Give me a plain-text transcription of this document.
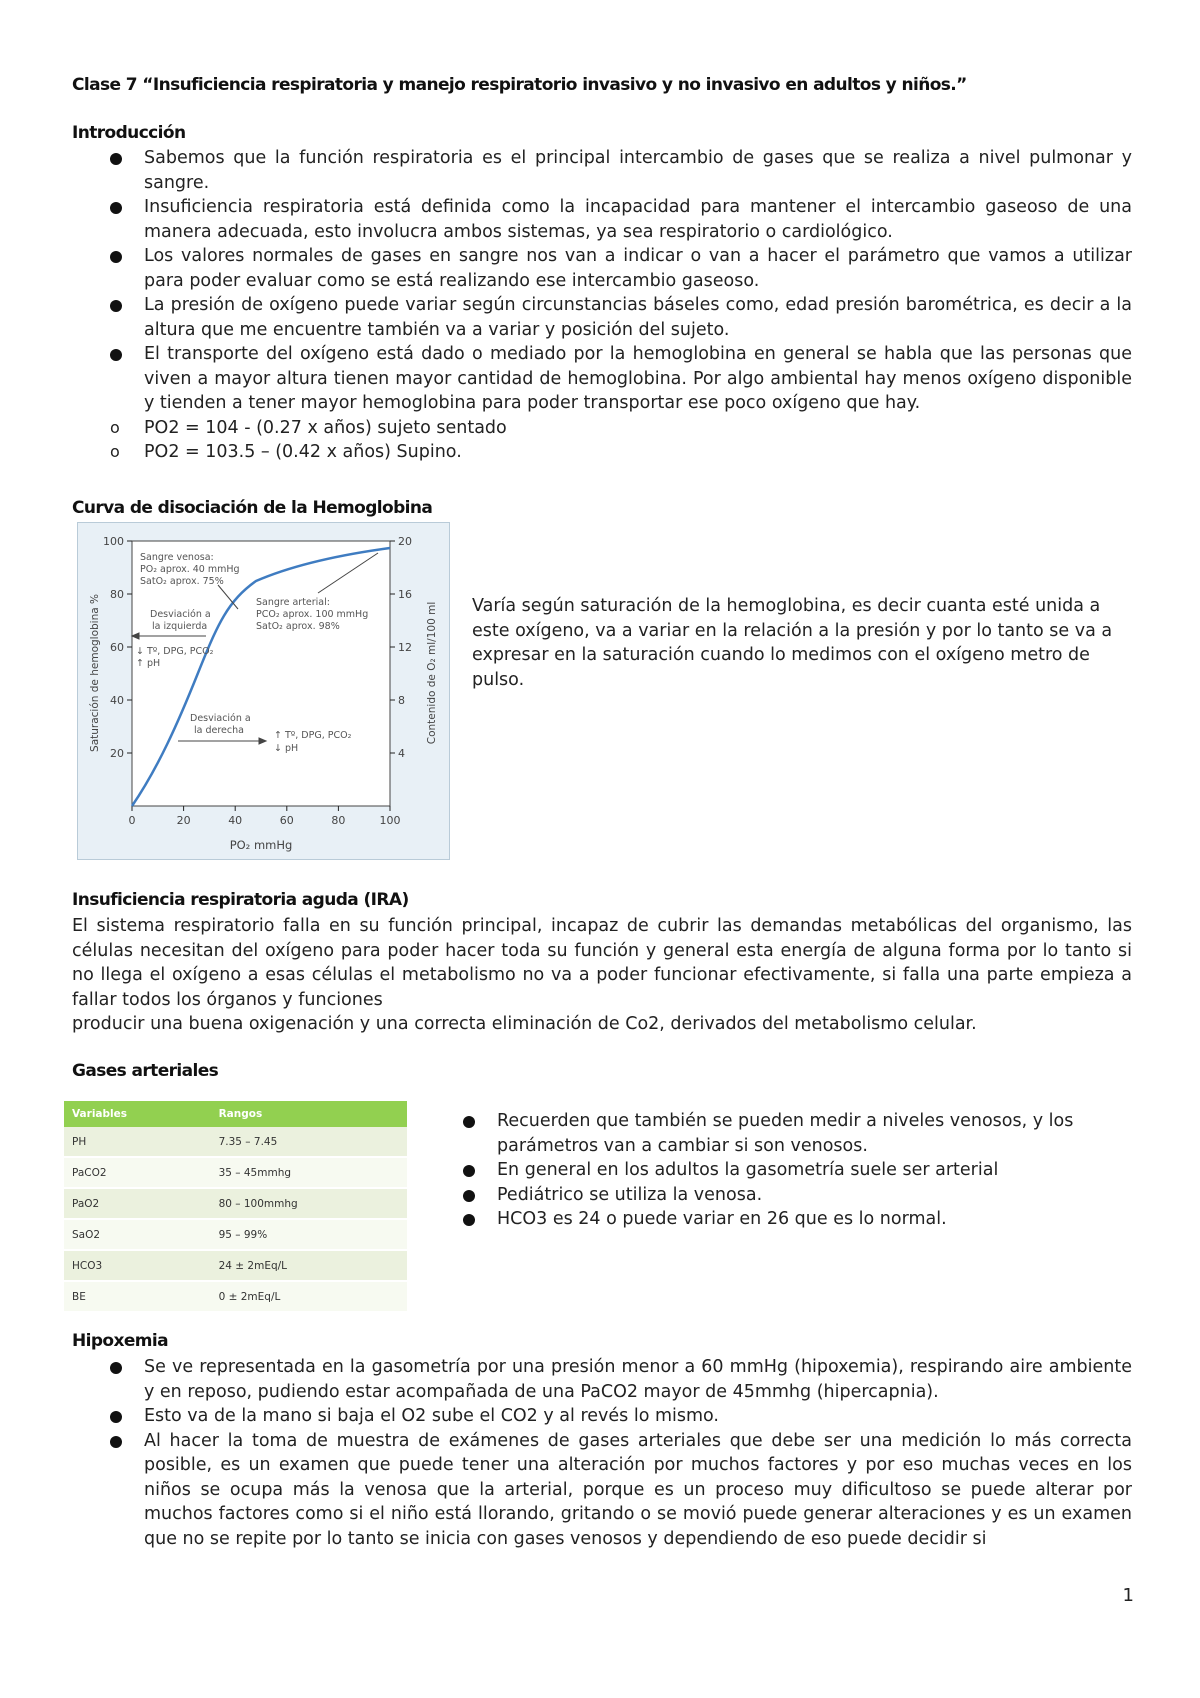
Clase 7 “Insuficiencia respiratoria y manejo respiratorio invasivo y no invasivo en adultos y niños.”
Introducción
Sabemos que la función respiratoria es el principal intercambio de gases que se realiza a nivel pulmonar y sangre.
Insuficiencia respiratoria está definida como la incapacidad para mantener el intercambio gaseoso de una manera adecuada, esto involucra ambos sistemas, ya sea respiratorio o cardiológico.
Los valores normales de gases en sangre nos van a indicar o van a hacer el parámetro que vamos a utilizar para poder evaluar como se está realizando ese intercambio gaseoso.
La presión de oxígeno puede variar según circunstancias báseles como, edad presión barométrica, es decir a la altura que me encuentre también va a variar y posición del sujeto.
El transporte del oxígeno está dado o mediado por la hemoglobina en general se habla que las personas que viven a mayor altura tienen mayor cantidad de hemoglobina. Por algo ambiental hay menos oxígeno disponible y tienden a tener mayor hemoglobina para poder transportar ese poco oxígeno que hay.
o PO2 = 104 - (0.27 x años) sujeto sentado
o PO2 = 103.5 – (0.42 x años) Supino.
Curva de disociación de la Hemoglobina
0	20	40	60	80	100
20
40
60
80
100
4
8
12
16
20
PO₂ mmHg
Saturación de hemoglobina %	Contenido de O₂ ml/100 ml
Sangre venosa:
PO₂ aprox. 40 mmHg
SatO₂ aprox. 75%
Sangre arterial:
PCO₂ aprox. 100 mmHg
SatO₂ aprox. 98%
Desviación a
la izquierda
↓ Tº, DPG, PCO₂
↑ pH
Desviación a
la derecha	↑ Tº, DPG, PCO₂
↓ pH
Varía según saturación de la hemoglobina, es decir cuanta esté unida a este oxígeno, va a variar en la relación a la presión y por lo tanto se va a expresar en la saturación cuando lo medimos con el oxígeno metro de pulso.
Insuficiencia respiratoria aguda (IRA)

El sistema respiratorio falla en su función principal, incapaz de cubrir las demandas metabólicas del organismo, las células necesitan del oxígeno para poder hacer toda su función y general esta energía de alguna forma por lo tanto si no llega el oxígeno a esas células el metabolismo no va a poder funcionar efectivamente, si falla una parte empieza a fallar todos los órganos y funciones

producir una buena oxigenación y una correcta eliminación de Co2, derivados del metabolismo celular.

Gases arteriales
Variables	Rangos
PH	7.35 – 7.45
PaCO2	35 – 45mmhg
PaO2	80 – 100mmhg
SaO2	95 – 99%
HCO3	24 ± 2mEq/L
BE	0 ± 2mEq/L
Recuerden que también se pueden medir a niveles venosos, y los parámetros van a cambiar si son venosos.
En general en los adultos la gasometría suele ser arterial
Pediátrico se utiliza la venosa.
HCO3 es 24 o puede variar en 26 que es lo normal.
Hipoxemia
Se ve representada en la gasometría por una presión menor a 60 mmHg (hipoxemia), respirando aire ambiente y en reposo, pudiendo estar acompañada de una PaCO2 mayor de 45mmhg (hipercapnia).
Esto va de la mano si baja el O2 sube el CO2 y al revés lo mismo.
Al hacer la toma de muestra de exámenes de gases arteriales que debe ser una medición lo más correcta posible, es un examen que puede tener una alteración por muchos factores y por eso muchas veces en los niños se ocupa más la venosa que la arterial, porque es un proceso muy dificultoso se puede alterar por muchos factores como si el niño está llorando, gritando o se movió puede generar alteraciones y es un examen que no se repite por lo tanto se inicia con gases venosos y dependiendo de eso puede decidir si
1
